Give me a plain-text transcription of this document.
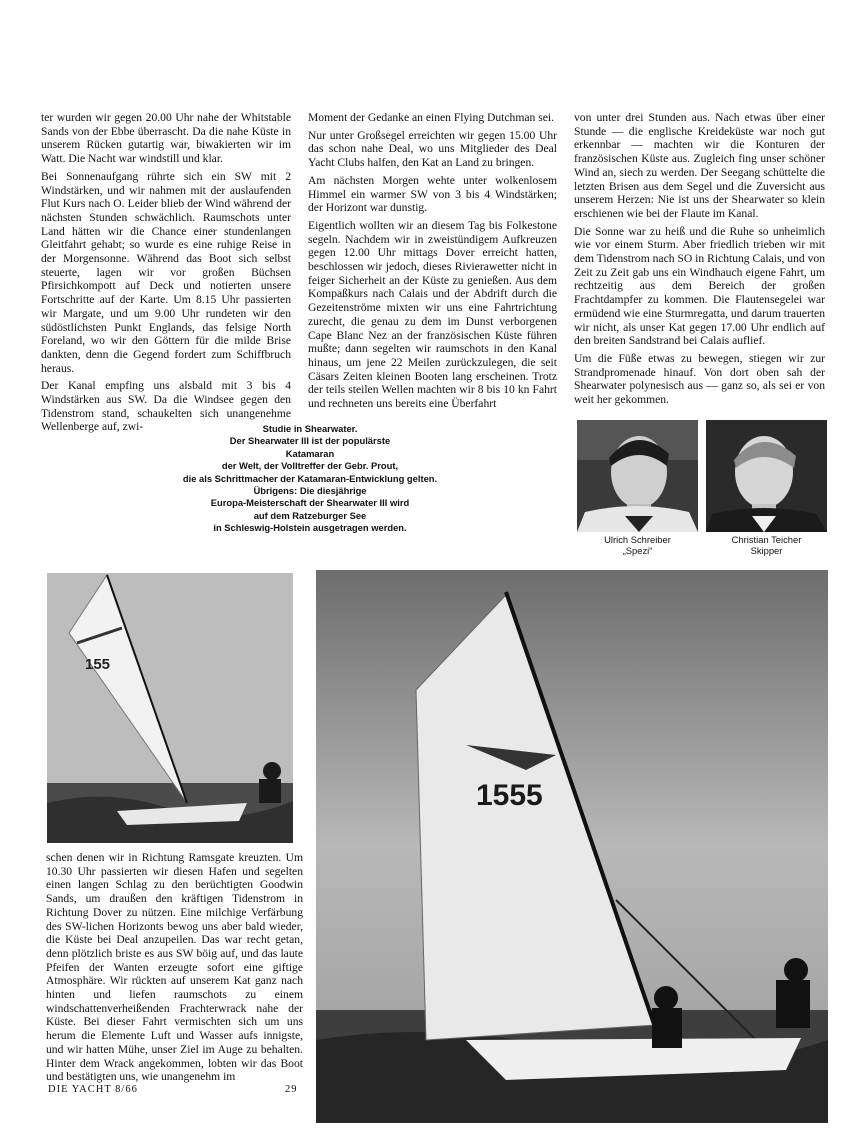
ter wurden wir gegen 20.00 Uhr nahe der Whitstable Sands von der Ebbe überrascht. Da die nahe Küste in unserem Rücken gutartig war, biwakierten wir im Watt. Die Nacht war windstill und klar.

Bei Sonnenaufgang rührte sich ein SW mit 2 Windstärken, und wir nahmen mit der auslaufenden Flut Kurs nach O. Leider blieb der Wind während der nächsten Stunden schwächlich. Raumschots unter Land hätten wir die Chance einer stundenlangen Gleitfahrt gehabt; so wurde es eine ruhige Reise in der Morgensonne. Während das Boot sich selbst steuerte, lagen wir vor großen Büchsen Pfirsichkompott auf Deck und notierten unsere Fortschritte auf der Karte. Um 8.15 Uhr passierten wir Margate, und um 9.00 Uhr rundeten wir den südöstlichsten Punkt Englands, das felsige North Foreland, wo wir den Göttern für die milde Brise dankten, denn die Gegend fordert zum Schiffbruch heraus.

Der Kanal empfing uns alsbald mit 3 bis 4 Windstärken aus SW. Da die Windsee gegen den Tidenstrom stand, schaukelten sich unangenehme Wellenberge auf, zwi-

Moment der Gedanke an einen Flying Dutchman sei.

Nur unter Großsegel erreichten wir gegen 15.00 Uhr das schon nahe Deal, wo uns Mitglieder des Deal Yacht Clubs halfen, den Kat an Land zu bringen.

Am nächsten Morgen wehte unter wolkenlosem Himmel ein warmer SW von 3 bis 4 Windstärken; der Horizont war dunstig.

Eigentlich wollten wir an diesem Tag bis Folkestone segeln. Nachdem wir in zweistündigem Aufkreuzen gegen 12.00 Uhr mittags Dover erreicht hatten, beschlossen wir jedoch, dieses Rivierawetter nicht in feiger Sicherheit an der Küste zu genießen. Aus dem Kompaßkurs nach Calais und der Abdrift durch die Gezeitenströme mixten wir uns eine Fahrtrichtung zurecht, die genau zu dem im Dunst verborgenen Cape Blanc Nez an der französischen Küste führen mußte; dann segelten wir raumschots in den Kanal hinaus, um jene 22 Meilen zurückzulegen, die seit Cäsars Zeiten kleinen Booten lang erscheinen. Trotz der teils steilen Wellen machten wir 8 bis 10 kn Fahrt und rechneten uns bereits eine Überfahrt

von unter drei Stunden aus. Nach etwas über einer Stunde — die englische Kreideküste war noch gut erkennbar — machten wir die Konturen der französischen Küste aus. Zugleich fing unser schöner Wind an, siech zu werden. Der Seegang schüttelte die letzten Brisen aus dem Segel und die Zuversicht aus unserem Herzen: Nie ist uns der Shearwater so klein erschienen wie bei der Flaute im Kanal.

Die Sonne war zu heiß und die Ruhe so unheimlich wie vor einem Sturm. Aber friedlich trieben wir mit dem Tidenstrom nach SO in Richtung Calais, und von Zeit zu Zeit gab uns ein Windhauch eigene Fahrt, um rechtzeitig aus dem Bereich der großen Frachtdampfer zu kommen. Die Flautensegelei war ermüdend wie eine Sturmregatta, und darum trauerten wir nicht, als unser Kat gegen 17.00 Uhr endlich auf den breiten Sandstrand bei Calais auflief.

Um die Füße etwas zu bewegen, stiegen wir zur Strandpromenade hinauf. Von dort oben sah der Shearwater polynesisch aus — ganz so, als sei er von weit her gekommen.

Studie in Shearwater.
Der Shearwater III ist der populärste
Katamaran
der Welt, der Volltreffer der Gebr. Prout,
die als Schrittmacher der Katamaran-Entwicklung gelten.
Übrigens: Die diesjährige
Europa-Meisterschaft der Shearwater III wird
auf dem Ratzeburger See
in Schleswig-Holstein ausgetragen werden.
Ulrich Schreiber
„Spezi“
Christian Teicher
Skipper
155
1555

schen denen wir in Richtung Ramsgate kreuzten. Um 10.30 Uhr passierten wir diesen Hafen und segelten einen langen Schlag zu den berüchtigten Goodwin Sands, um draußen den kräftigen Tidenstrom in Richtung Dover zu nützen. Eine milchige Verfärbung des SW-lichen Horizonts bewog uns aber bald wieder, die Küste bei Deal anzupeilen. Das war recht getan, denn plötzlich briste es aus SW böig auf, und das laute Pfeifen der Wanten erzeugte sofort eine giftige Atmosphäre. Wir rückten auf unserem Kat ganz nach hinten und liefen raumschots zu einem windschattenverheißenden Frachterwrack nahe der Küste. Bei dieser Fahrt vermischten sich um uns herum die Elemente Luft und Wasser aufs innigste, und wir hatten Mühe, unser Ziel im Auge zu behalten. Hinter dem Wrack angekommen, lobten wir das Boot und bestätigten uns, wie unangenehm im

DIE YACHT 8/66	29
